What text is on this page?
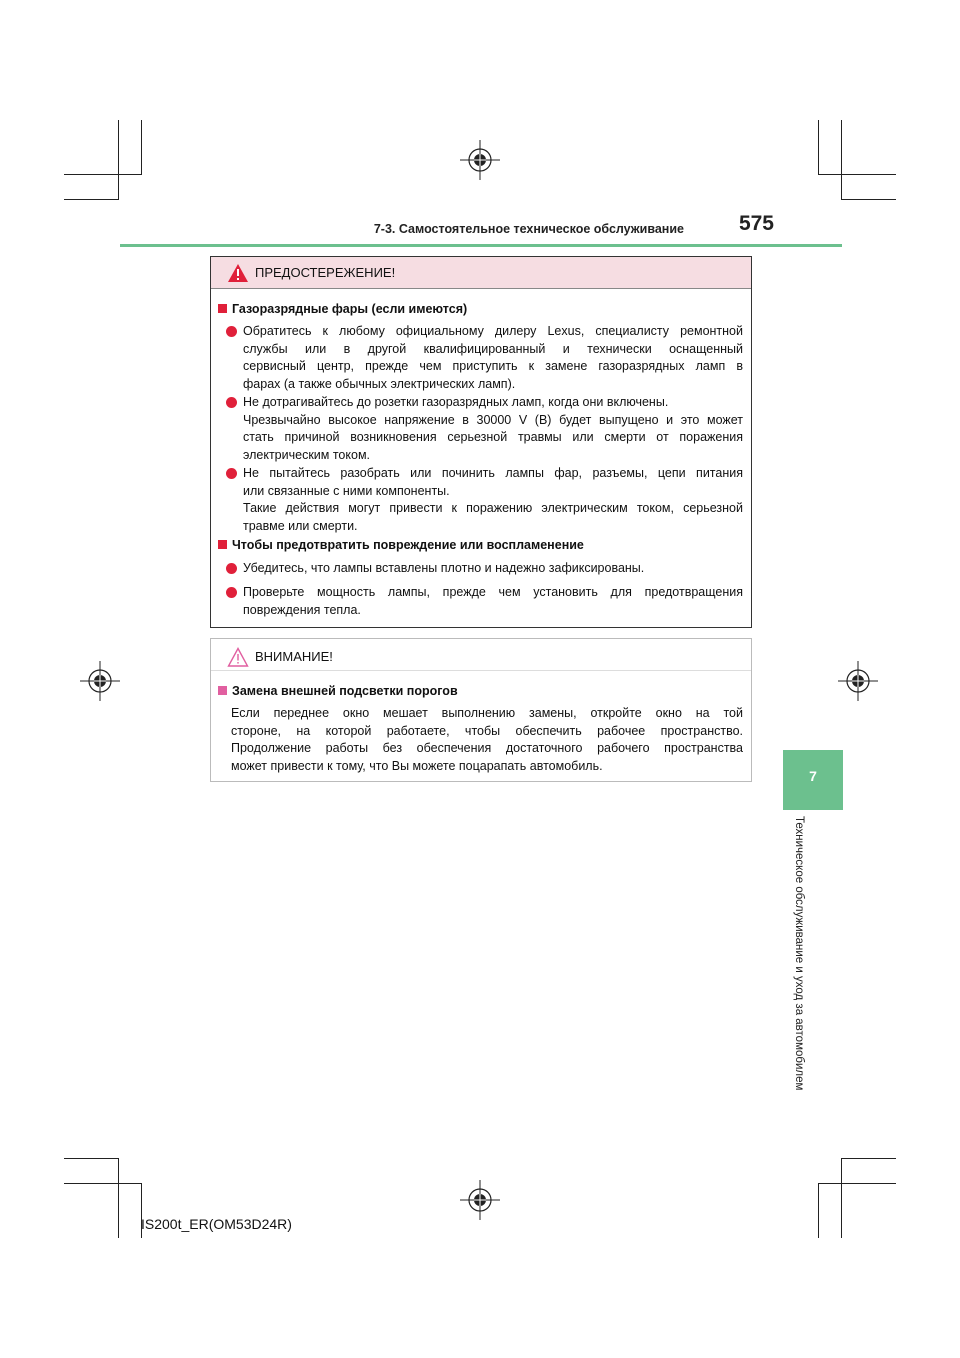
7-3. Самостоятельное техническое обслуживание	575
7
Техническое обслуживание и уход за автомобилем
ПРЕДОСТЕРЕЖЕНИЕ!
Газоразрядные фары (если имеются)
Обратитесь к любому официальному дилеру Lexus, специалисту ремонтной
службы или в другой квалифицированный и технически оснащенный
сервисный центр, прежде чем приступить к замене газоразрядных ламп в
фарах (а также обычных электрических ламп).
Не дотрагивайтесь до розетки газоразрядных ламп, когда они включены.
Чрезвычайно высокое напряжение в 30000 V (В) будет выпущено и это может
стать причиной возникновения серьезной травмы или смерти от поражения
электрическим током.
Не пытайтесь разобрать или починить лампы фар, разъемы, цепи питания
или связанные с ними компоненты.
Такие действия могут привести к поражению электрическим током, серьезной
травме или смерти.
Чтобы предотвратить повреждение или воспламенение
Убедитесь, что лампы вставлены плотно и надежно зафиксированы.
Проверьте мощность лампы, прежде чем установить для предотвращения
повреждения тепла.
ВНИМАНИЕ!
Замена внешней подсветки порогов
Если переднее окно мешает выполнению замены, откройте окно на той
стороне, на которой работаете, чтобы обеспечить рабочее пространство.
Продолжение работы без обеспечения достаточного рабочего пространства
может привести к тому, что Вы можете поцарапать автомобиль.
IS200t_ER(OM53D24R)
